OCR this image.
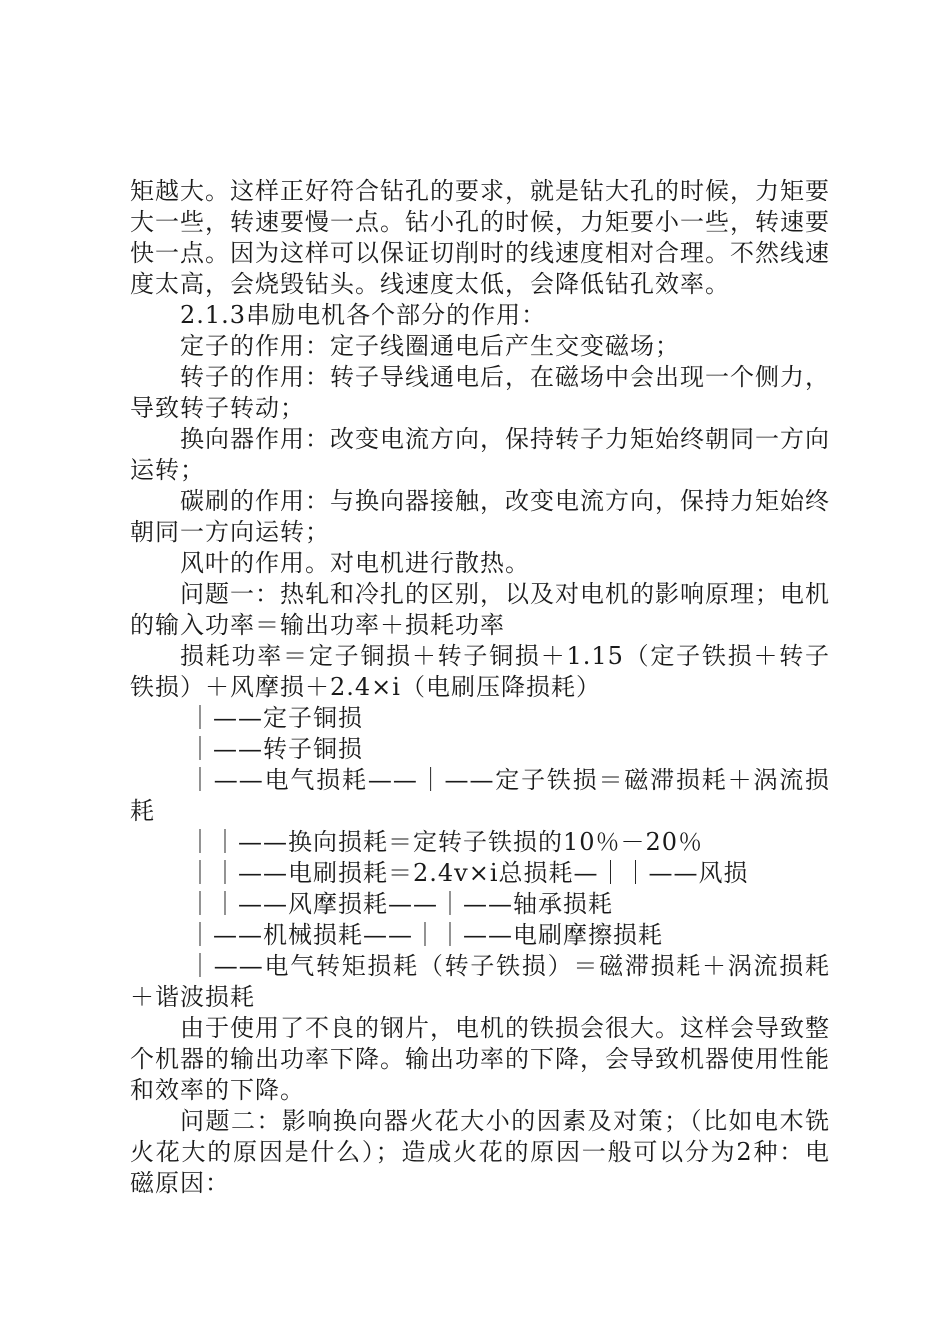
矩越大。这样正好符合钻孔的要求，就是钻大孔的时候，力矩要大一些，转速要慢一点。钻小孔的时候，力矩要小一些，转速要快一点。因为这样可以保证切削时的线速度相对合理。不然线速度太高，会烧毁钻头。线速度太低，会降低钻孔效率。

2.1.3串励电机各个部分的作用：

定子的作用：定子线圈通电后产生交变磁场；

转子的作用：转子导线通电后，在磁场中会出现一个侧力，导致转子转动；

换向器作用：改变电流方向，保持转子力矩始终朝同一方向运转；

碳刷的作用：与换向器接触，改变电流方向，保持力矩始终朝同一方向运转；

风叶的作用。对电机进行散热。

问题一：热轧和冷扎的区别，以及对电机的影响原理；电机的输入功率＝输出功率＋损耗功率

损耗功率＝定子铜损＋转子铜损＋1.15（定子铁损＋转子铁损）＋风摩损＋2.4×i（电刷压降损耗）

｜——定子铜损

｜——转子铜损

｜——电气损耗——｜——定子铁损＝磁滞损耗＋涡流损耗

｜｜——换向损耗＝定转子铁损的10％－20％

｜｜——电刷损耗＝2.4v×i总损耗—｜｜——风损

｜｜——风摩损耗——｜——轴承损耗

｜——机械损耗——｜｜——电刷摩擦损耗

｜——电气转矩损耗（转子铁损）＝磁滞损耗＋涡流损耗＋谐波损耗

由于使用了不良的钢片，电机的铁损会很大。这样会导致整个机器的输出功率下降。输出功率的下降，会导致机器使用性能和效率的下降。

问题二：影响换向器火花大小的因素及对策；（比如电木铣火花大的原因是什么）；造成火花的原因一般可以分为2种：电磁原因：
